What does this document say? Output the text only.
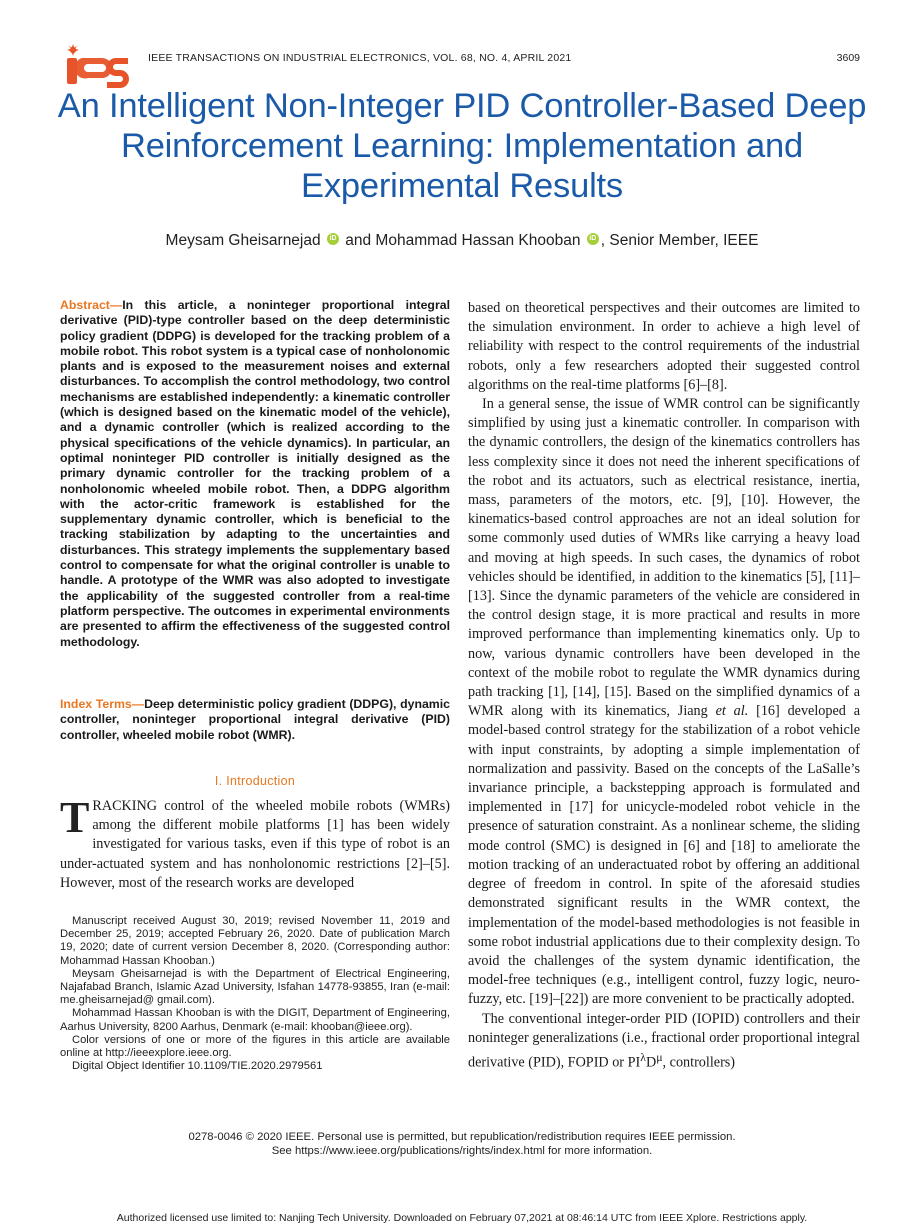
IEEE TRANSACTIONS ON INDUSTRIAL ELECTRONICS, VOL. 68, NO. 4, APRIL 2021	3609
An Intelligent Non-Integer PID Controller-Based Deep Reinforcement Learning: Implementation and Experimental Results
Meysam Gheisarnejad iD and Mohammad Hassan Khooban iD , Senior Member, IEEE
Abstract—In this article, a noninteger proportional integral derivative (PID)-type controller based on the deep deterministic policy gradient (DDPG) is developed for the tracking problem of a mobile robot. This robot system is a typical case of nonholonomic plants and is exposed to the measurement noises and external disturbances. To accomplish the control methodology, two control mechanisms are established independently: a kinematic controller (which is designed based on the kinematic model of the vehicle), and a dynamic controller (which is realized according to the physical specifications of the vehicle dynamics). In particular, an optimal noninteger PID controller is initially designed as the primary dynamic controller for the tracking problem of a nonholonomic wheeled mobile robot. Then, a DDPG algorithm with the actor-critic framework is established for the supplementary dynamic controller, which is beneficial to the tracking stabilization by adapting to the uncertainties and disturbances. This strategy implements the supplementary based control to compensate for what the original controller is unable to handle. A prototype of the WMR was also adopted to investigate the applicability of the suggested controller from a real-time platform perspective. The outcomes in experimental environments are presented to affirm the effectiveness of the suggested control methodology.
Index Terms—Deep deterministic policy gradient (DDPG), dynamic controller, noninteger proportional integral derivative (PID) controller, wheeled mobile robot (WMR).
I. Introduction
TRACKING control of the wheeled mobile robots (WMRs) among the different mobile platforms [1] has been widely investigated for various tasks, even if this type of robot is an under-actuated system and has nonholonomic restrictions [2]–[5]. However, most of the research works are developed

Manuscript received August 30, 2019; revised November 11, 2019 and December 25, 2019; accepted February 26, 2020. Date of publication March 19, 2020; date of current version December 8, 2020. (Corresponding author: Mohammad Hassan Khooban.)

Meysam Gheisarnejad is with the Department of Electrical Engineering, Najafabad Branch, Islamic Azad University, Isfahan 14778-93855, Iran (e-mail: me.gheisarnejad@ gmail.com).

Mohammad Hassan Khooban is with the DIGIT, Department of Engineering, Aarhus University, 8200 Aarhus, Denmark (e-mail: khooban@ieee.org).

Color versions of one or more of the figures in this article are available online at http://ieeexplore.ieee.org.

Digital Object Identifier 10.1109/TIE.2020.2979561

based on theoretical perspectives and their outcomes are limited to the simulation environment. In order to achieve a high level of reliability with respect to the control requirements of the industrial robots, only a few researchers adopted their suggested control algorithms on the real-time platforms [6]–[8].

In a general sense, the issue of WMR control can be significantly simplified by using just a kinematic controller. In comparison with the dynamic controllers, the design of the kinematics controllers has less complexity since it does not need the inherent specifications of the robot and its actuators, such as electrical resistance, inertia, mass, parameters of the motors, etc. [9], [10]. However, the kinematics-based control approaches are not an ideal solution for some commonly used duties of WMRs like carrying a heavy load and moving at high speeds. In such cases, the dynamics of robot vehicles should be identified, in addition to the kinematics [5], [11]–[13]. Since the dynamic parameters of the vehicle are considered in the control design stage, it is more practical and results in more improved performance than implementing kinematics only. Up to now, various dynamic controllers have been developed in the context of the mobile robot to regulate the WMR dynamics during path tracking [1], [14], [15]. Based on the simplified dynamics of a WMR along with its kinematics, Jiang et al. [16] developed a model-based control strategy for the stabilization of a robot vehicle with input constraints, by adopting a simple implementation of normalization and passivity. Based on the concepts of the LaSalle’s invariance principle, a backstepping approach is formulated and implemented in [17] for unicycle-modeled robot vehicle in the presence of saturation constraint. As a nonlinear scheme, the sliding mode control (SMC) is designed in [6] and [18] to ameliorate the motion tracking of an underactuated robot by offering an additional degree of freedom in control. In spite of the aforesaid studies demonstrated significant results in the WMR context, the implementation of the model-based methodologies is not feasible in some robot industrial applications due to their complexity design. To avoid the challenges of the system dynamic identification, the model-free techniques (e.g., intelligent control, fuzzy logic, neuro-fuzzy, etc. [19]–[22]) are more convenient to be practically adopted.

The conventional integer-order PID (IOPID) controllers and their noninteger generalizations (i.e., fractional order proportional integral derivative (PID), FOPID or $PI^\lambda D^\mu$, controllers)

0278-0046 © 2020 IEEE. Personal use is permitted, but republication/redistribution requires IEEE permission.
See https://www.ieee.org/publications/rights/index.html for more information.
Authorized licensed use limited to: Nanjing Tech University. Downloaded on February 07,2021 at 08:46:14 UTC from IEEE Xplore. Restrictions apply.
